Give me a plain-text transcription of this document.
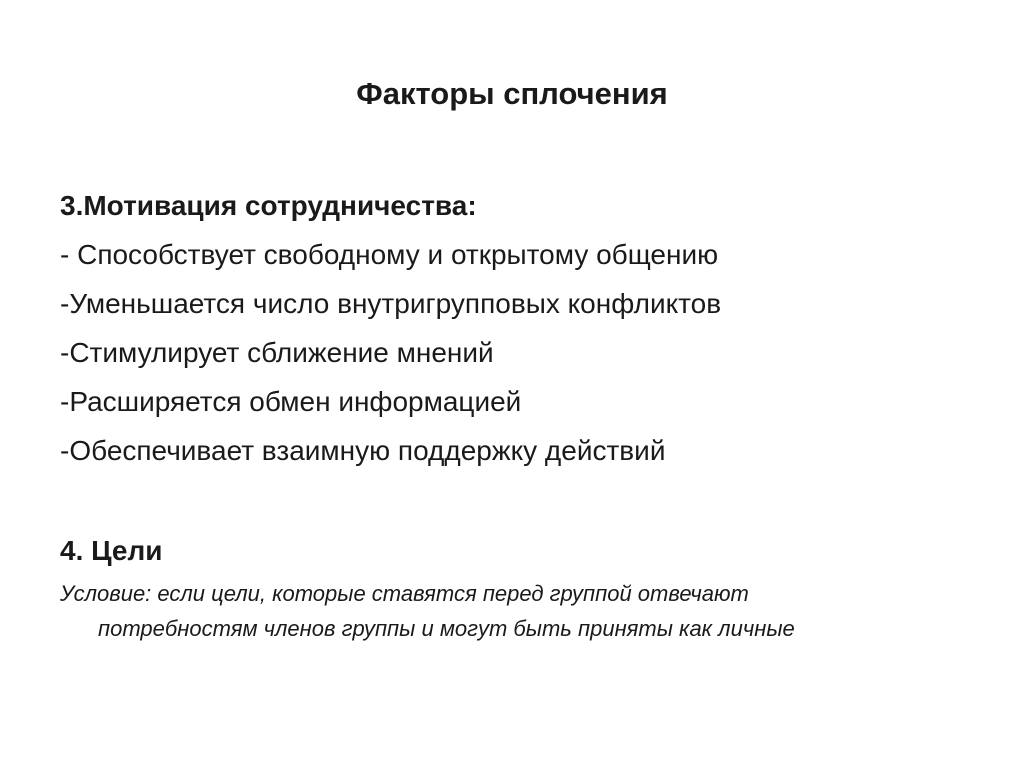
Факторы сплочения
3.Мотивация сотрудничества:
- Способствует свободному и открытому общению
-Уменьшается число внутригрупповых конфликтов
-Стимулирует сближение мнений
-Расширяется обмен информацией
-Обеспечивает взаимную поддержку действий
4. Цели
Условие: если цели, которые ставятся перед группой отвечают
потребностям членов группы и могут быть приняты как личные
